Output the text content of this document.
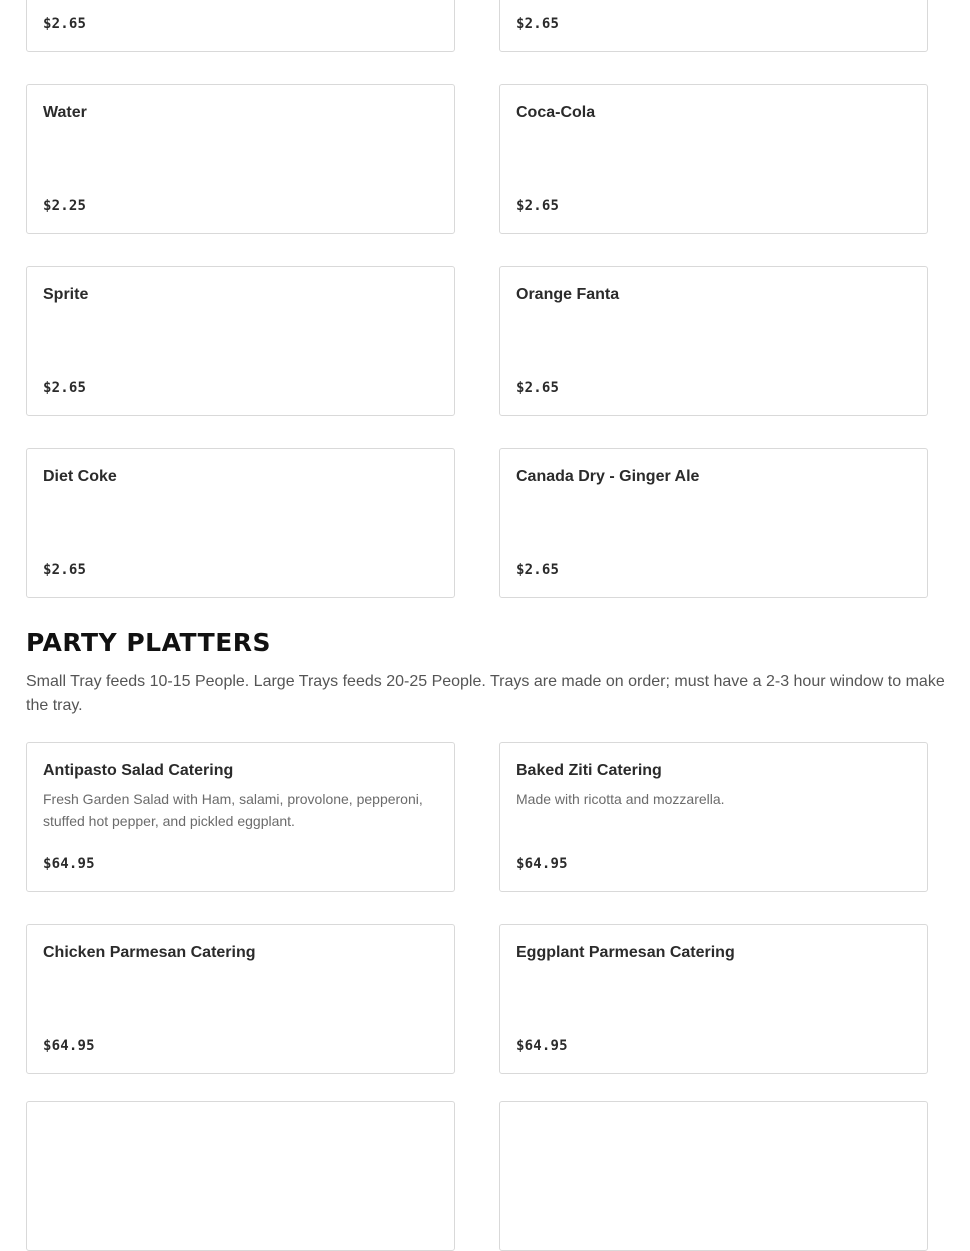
$2.65	$2.65
Water
$2.25
Coca-Cola
$2.65
Sprite
$2.65
Orange Fanta
$2.65
Diet Coke
$2.65
Canada Dry - Ginger Ale
$2.65
PARTY PLATTERS

Small Tray feeds 10-15 People. Large Trays feeds 20-25 People. Trays are made on order; must have a 2-3 hour window to make the tray.

Antipasto Salad Catering
Fresh Garden Salad with Ham, salami, provolone, pepperoni, stuffed hot pepper, and pickled eggplant.
$64.95
Baked Ziti Catering
Made with ricotta and mozzarella.
$64.95
Chicken Parmesan Catering
$64.95
Eggplant Parmesan Catering
$64.95
